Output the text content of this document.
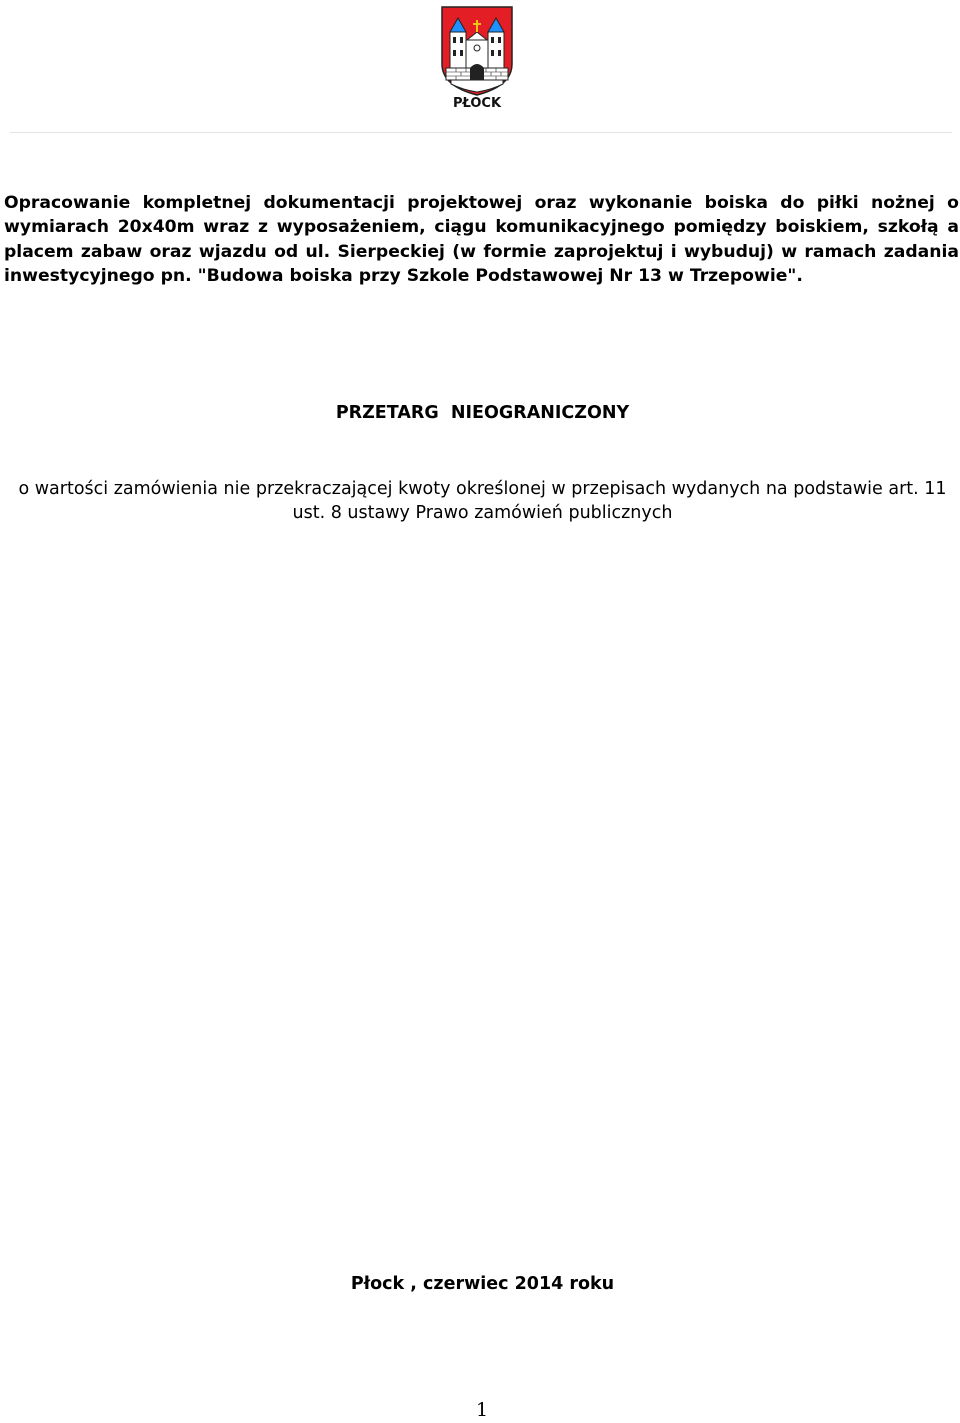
PŁOCK
Opracowanie kompletnej dokumentacji projektowej oraz wykonanie boiska do piłki nożnej o wymiarach 20x40m wraz z wyposażeniem, ciągu komunikacyjnego pomiędzy boiskiem, szkołą a placem zabaw oraz wjazdu od ul. Sierpeckiej (w formie zaprojektuj i wybuduj) w ramach zadania inwestycyjnego pn. "Budowa boiska przy Szkole Podstawowej Nr 13 w Trzepowie".
PRZETARG  NIEOGRANICZONY
o wartości zamówienia nie przekraczającej kwoty określonej w przepisach wydanych na podstawie art. 11 ust. 8 ustawy Prawo zamówień publicznych
Płock , czerwiec 2014 roku
1
